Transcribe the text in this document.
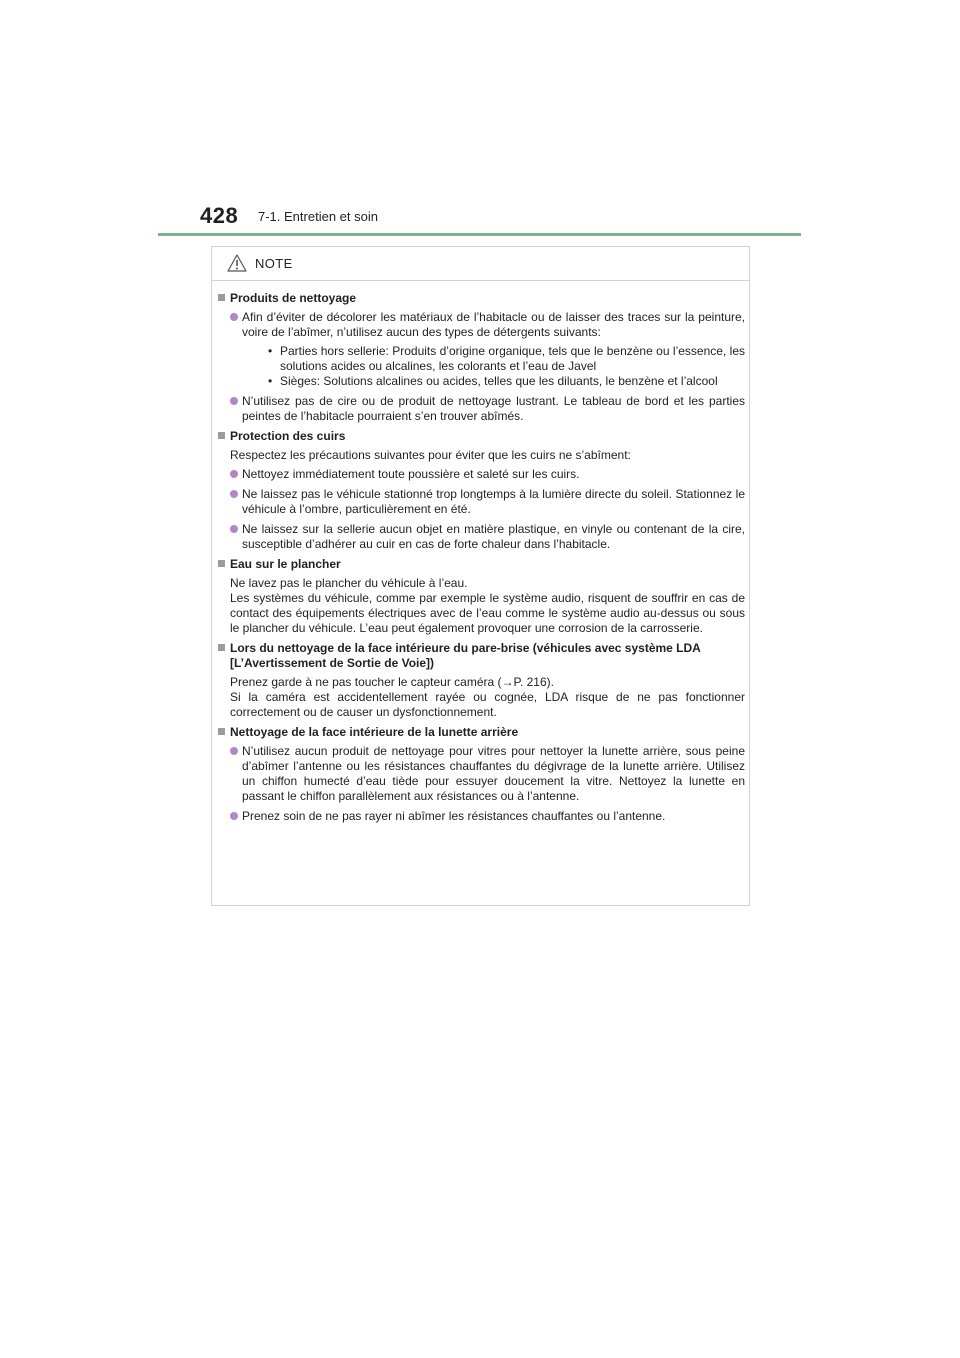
428 7-1. Entretien et soin
NOTE
Produits de nettoyage
Afin d’éviter de décolorer les matériaux de l’habitacle ou de laisser des traces sur la peinture, voire de l’abîmer, n’utilisez aucun des types de détergents suivants:
• Parties hors sellerie: Produits d’origine organique, tels que le benzène ou l’essence, les solutions acides ou alcalines, les colorants et l’eau de Javel
• Sièges: Solutions alcalines ou acides, telles que les diluants, le benzène et l’alcool
N’utilisez pas de cire ou de produit de nettoyage lustrant. Le tableau de bord et les parties peintes de l’habitacle pourraient s’en trouver abîmés.
Protection des cuirs
Respectez les précautions suivantes pour éviter que les cuirs ne s’abîment:
Nettoyez immédiatement toute poussière et saleté sur les cuirs.
Ne laissez pas le véhicule stationné trop longtemps à la lumière directe du soleil. Stationnez le véhicule à l’ombre, particulièrement en été.
Ne laissez sur la sellerie aucun objet en matière plastique, en vinyle ou contenant de la cire, susceptible d’adhérer au cuir en cas de forte chaleur dans l’habitacle.
Eau sur le plancher
Ne lavez pas le plancher du véhicule à l’eau.
Les systèmes du véhicule, comme par exemple le système audio, risquent de souffrir en cas de contact des équipements électriques avec de l’eau comme le système audio au-dessus ou sous le plancher du véhicule. L’eau peut également provoquer une corrosion de la carrosserie.
Lors du nettoyage de la face intérieure du pare-brise (véhicules avec système LDA [L’Avertissement de Sortie de Voie])
Prenez garde à ne pas toucher le capteur caméra (→P. 216).
Si la caméra est accidentellement rayée ou cognée, LDA risque de ne pas fonctionner correctement ou de causer un dysfonctionnement.
Nettoyage de la face intérieure de la lunette arrière
N’utilisez aucun produit de nettoyage pour vitres pour nettoyer la lunette arrière, sous peine d’abîmer l’antenne ou les résistances chauffantes du dégivrage de la lunette arrière. Utilisez un chiffon humecté d’eau tiède pour essuyer doucement la vitre. Nettoyez la lunette en passant le chiffon parallèlement aux résistances ou à l’antenne.
Prenez soin de ne pas rayer ni abîmer les résistances chauffantes ou l’antenne.
